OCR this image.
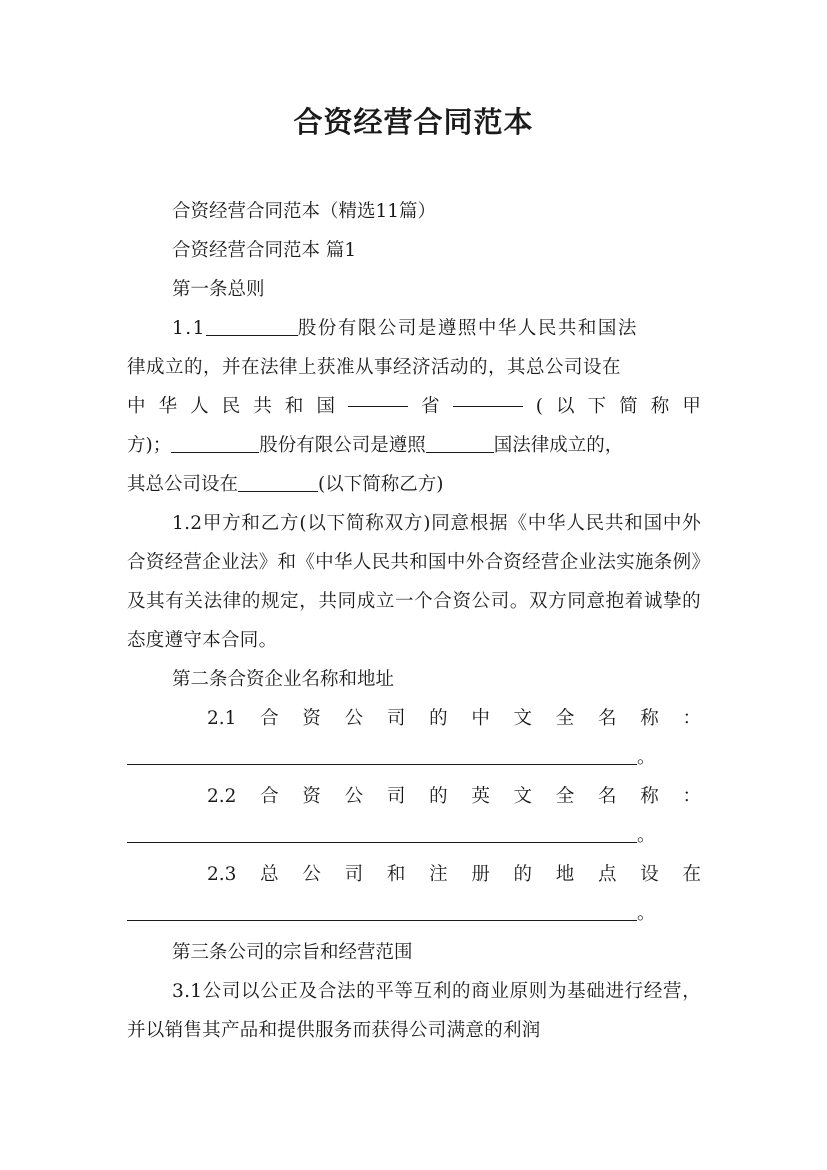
合资经营合同范本

合资经营合同范本（精选11篇）

合资经营合同范本 篇1

第一条总则

1.1	股份有限公司是遵照中华人民共和国法
律成立的，并在法律上获准从事经济活动的，其总公司设在
中 华 人 民 共 和 国	省	( 以 下 简 称 甲
方)；	股份有限公司是遵照	国法律成立的，
其总公司设在	(以下简称乙方)

1.2甲方和乙方(以下简称双方)同意根据《中华人民共和国中外合资经营企业法》和《中华人民共和国中外合资经营企业法实施条例》及其有关法律的规定，共同成立一个合资公司。双方同意抱着诚挚的态度遵守本合同。

第二条合资企业名称和地址

2.1 合 资 公 司 的 中 文 全 名 称 ：
。
2.2 合 资 公 司 的 英 文 全 名 称 ：
。
2.3 总 公 司 和 注 册 的 地 点 设 在
。

第三条公司的宗旨和经营范围

3.1公司以公正及合法的平等互利的商业原则为基础进行经营，并以销售其产品和提供服务而获得公司满意的利润
